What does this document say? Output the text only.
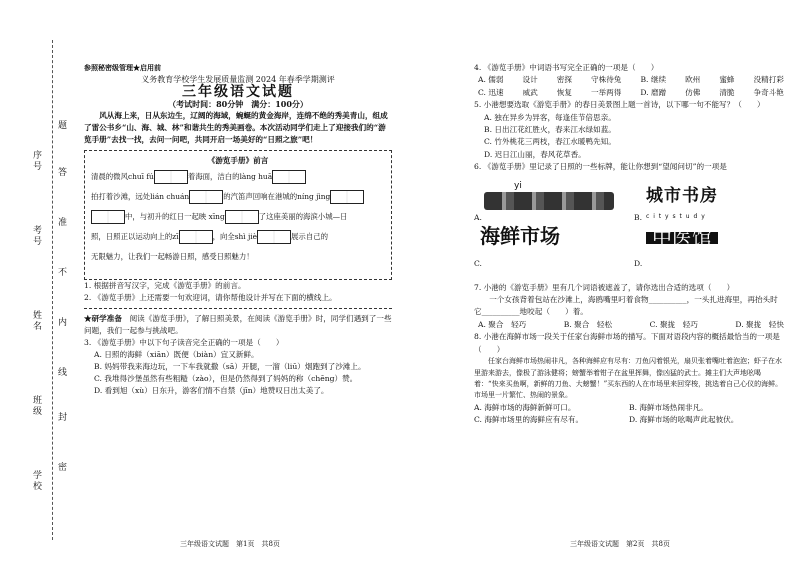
学校
班级
姓名
考号
序号
密
封
线
内
不
准
答
题

参照秘密级管理★启用前

义务教育学校学生发展质量监测 2024 年春季学期测评

三年级语文试题

（考试时间：80分钟　满分：100分）

风从海上来，日从东边生，辽阔的海域，蜿蜒的黄金海岸，连绵不绝的秀美青山，组成了雷公书乡“山、海、城、林”和谐共生的秀美画卷。本次活动同学们走上了迎接我们的“游览手册”去找一找，去问一问吧，共同开启一场美好的“日照之旅”吧！

《游览手册》前言

清晨的微风chuī fú	着海面，洁白的làng huā

拍打着沙滩，远处lián chuán	的汽笛声回响在港城的níng jìng

中，与初升的红日一起映 xīng	了这座美丽的海滨小城—日

照，日照正以运动向上的zī	，向全shì jiè	展示自己的

无限魅力，让我们一起畅游日照，感受日照魅力！

1. 根据拼音写汉字，完成《游览手册》的前言。

2. 《游览手册》上还需要一句欢迎词，请你帮他设计并写在下面的横线上。

★研学准备　 阅读《游览手册》，了解日照美景，在阅读《游览手册》时，同学们遇到了一些问题，我们一起参与挑战吧。

3. 《游览手册》中以下句子读音完全正确的一项是（　　）

A. 日照的海鲜（xiān）既便（biàn）宜又新鲜。

B. 妈妈带我来海边玩，一下车我就撒（sā）开腿，一溜（liū）烟跑到了沙滩上。

C. 我堆得沙堡虽然有些粗糙（zào），但是仍然得到了妈妈的称（chēng）赞。

D. 看到旭（xù）日东升，游客们情不自禁（jīn）地赞叹日出太美了。

三年级语文试题　第1页　共8页

4. 《游览手册》中词语书写完全正确的一项是（　　）

A. 儒弱	设计	密探	守株待兔	B. 继续	欧州	蜜蜂	没精打彩
C. 迅速	威武	恢复	一举两得	D. 磨蹭	仿佛	清脆	争奇斗艳

5. 小港想要选取《游览手册》的春日美景图上题一首诗，以下哪一句不能写？（　　）

A. 独在异乡为异客，每逢佳节倍思亲。

B. 日出江花红胜火，春来江水绿如蓝。

C. 竹外桃花三两枝，春江水暖鸭先知。

D. 迟日江山丽，春风花草香。

6. 《游览手册》里记录了日照的一些标牌，能让你想到“望闻问切”的一项是

yi
A.
城市书房
c i t y s t u d y
B.
海鲜市场
C.
中医馆
D.

7. 小港的《游览手册》里有几个词语被遮盖了，请你选出合适的选项（　　）

一个女孩背着包站在沙滩上，海鸥嘴里叼着食物__________，一头扎进海里，再抬头时它__________地咬起（　　）着。

A. 聚合　轻巧	B. 聚合　轻松	C. 聚拢　轻巧	D. 聚拢　轻快

8. 小港在海鲜市场一段关于任家台海鲜市场的描写。下面对语段内容的概括最恰当的一项是（　　）

任家台海鲜市场热闹非凡，各种海鲜应有尽有：刀鱼闪着银光，扇贝张着嘴吐着泡泡；虾子在水里游来游去，像极了游泳健将；螃蟹举着钳子在盆里挥舞，像凶猛的武士。摊主们大声地吆喝着：“快来买鱼啊，新鲜的刀鱼、大螃蟹！”买东西的人在市场里来回穿梭，挑选着自己心仪的海鲜。市场里一片繁忙、热闹的景象。

A. 海鲜市场的海鲜新鲜可口。	B. 海鲜市场热闹非凡。
C. 海鲜市场里的海鲜应有尽有。	D. 海鲜市场的吆喝声此起彼伏。
三年级语文试题　第2页　共8页
